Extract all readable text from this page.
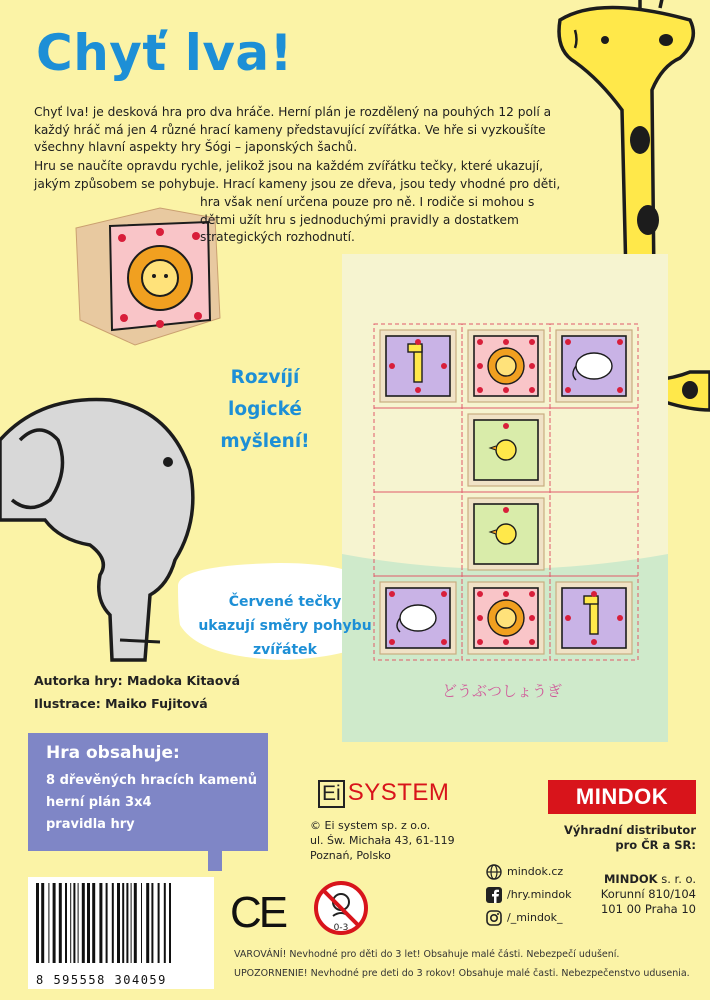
Chyť lva!
Chyť lva! je desková hra pro dva hráče. Herní plán je rozdělený na pouhých 12 polí a každý hráč má jen 4 různé hrací kameny představující zvířátka. Ve hře si vyzkoušíte všechny hlavní aspekty hry Šógi – japonských šachů.
Hru se naučíte opravdu rychle, jelikož jsou na každém zvířátku tečky, které ukazují, jakým způsobem se pohybuje. Hrací kameny jsou ze dřeva, jsou tedy vhodné pro děti,
hra však není určena pouze pro ně. I rodiče si mohou s dětmi užít hru s jednoduchými pravidly a dostatkem strategických rozhodnutí.
Rozvíjí
logické
myšlení!
どうぶつしょうぎ
Červené tečky
ukazují směry pohybu
zvířátek
Autorka hry: Madoka Kitaová
Ilustrace: Maiko Fujitová
Hra obsahuje:
8 dřevěných hracích kamenů
herní plán 3x4
pravidla hry
8 595558 304059
CE	0-3
Ei SYSTEM
© Ei system sp. z o.o.
ul. Św. Michała 43, 61-119
Poznań, Polsko
MINDOK
Výhradní distributor
pro ČR a SR:
mindok.cz
/hry.mindok
/_mindok_
MINDOK s. r. o.
Korunní 810/104
101 00 Praha 10
VAROVÁNÍ! Nevhodné pro děti do 3 let! Obsahuje malé části. Nebezpečí udušení.
UPOZORNENIE! Nevhodné pre deti do 3 rokov! Obsahuje malé časti. Nebezpečenstvo udusenia.
